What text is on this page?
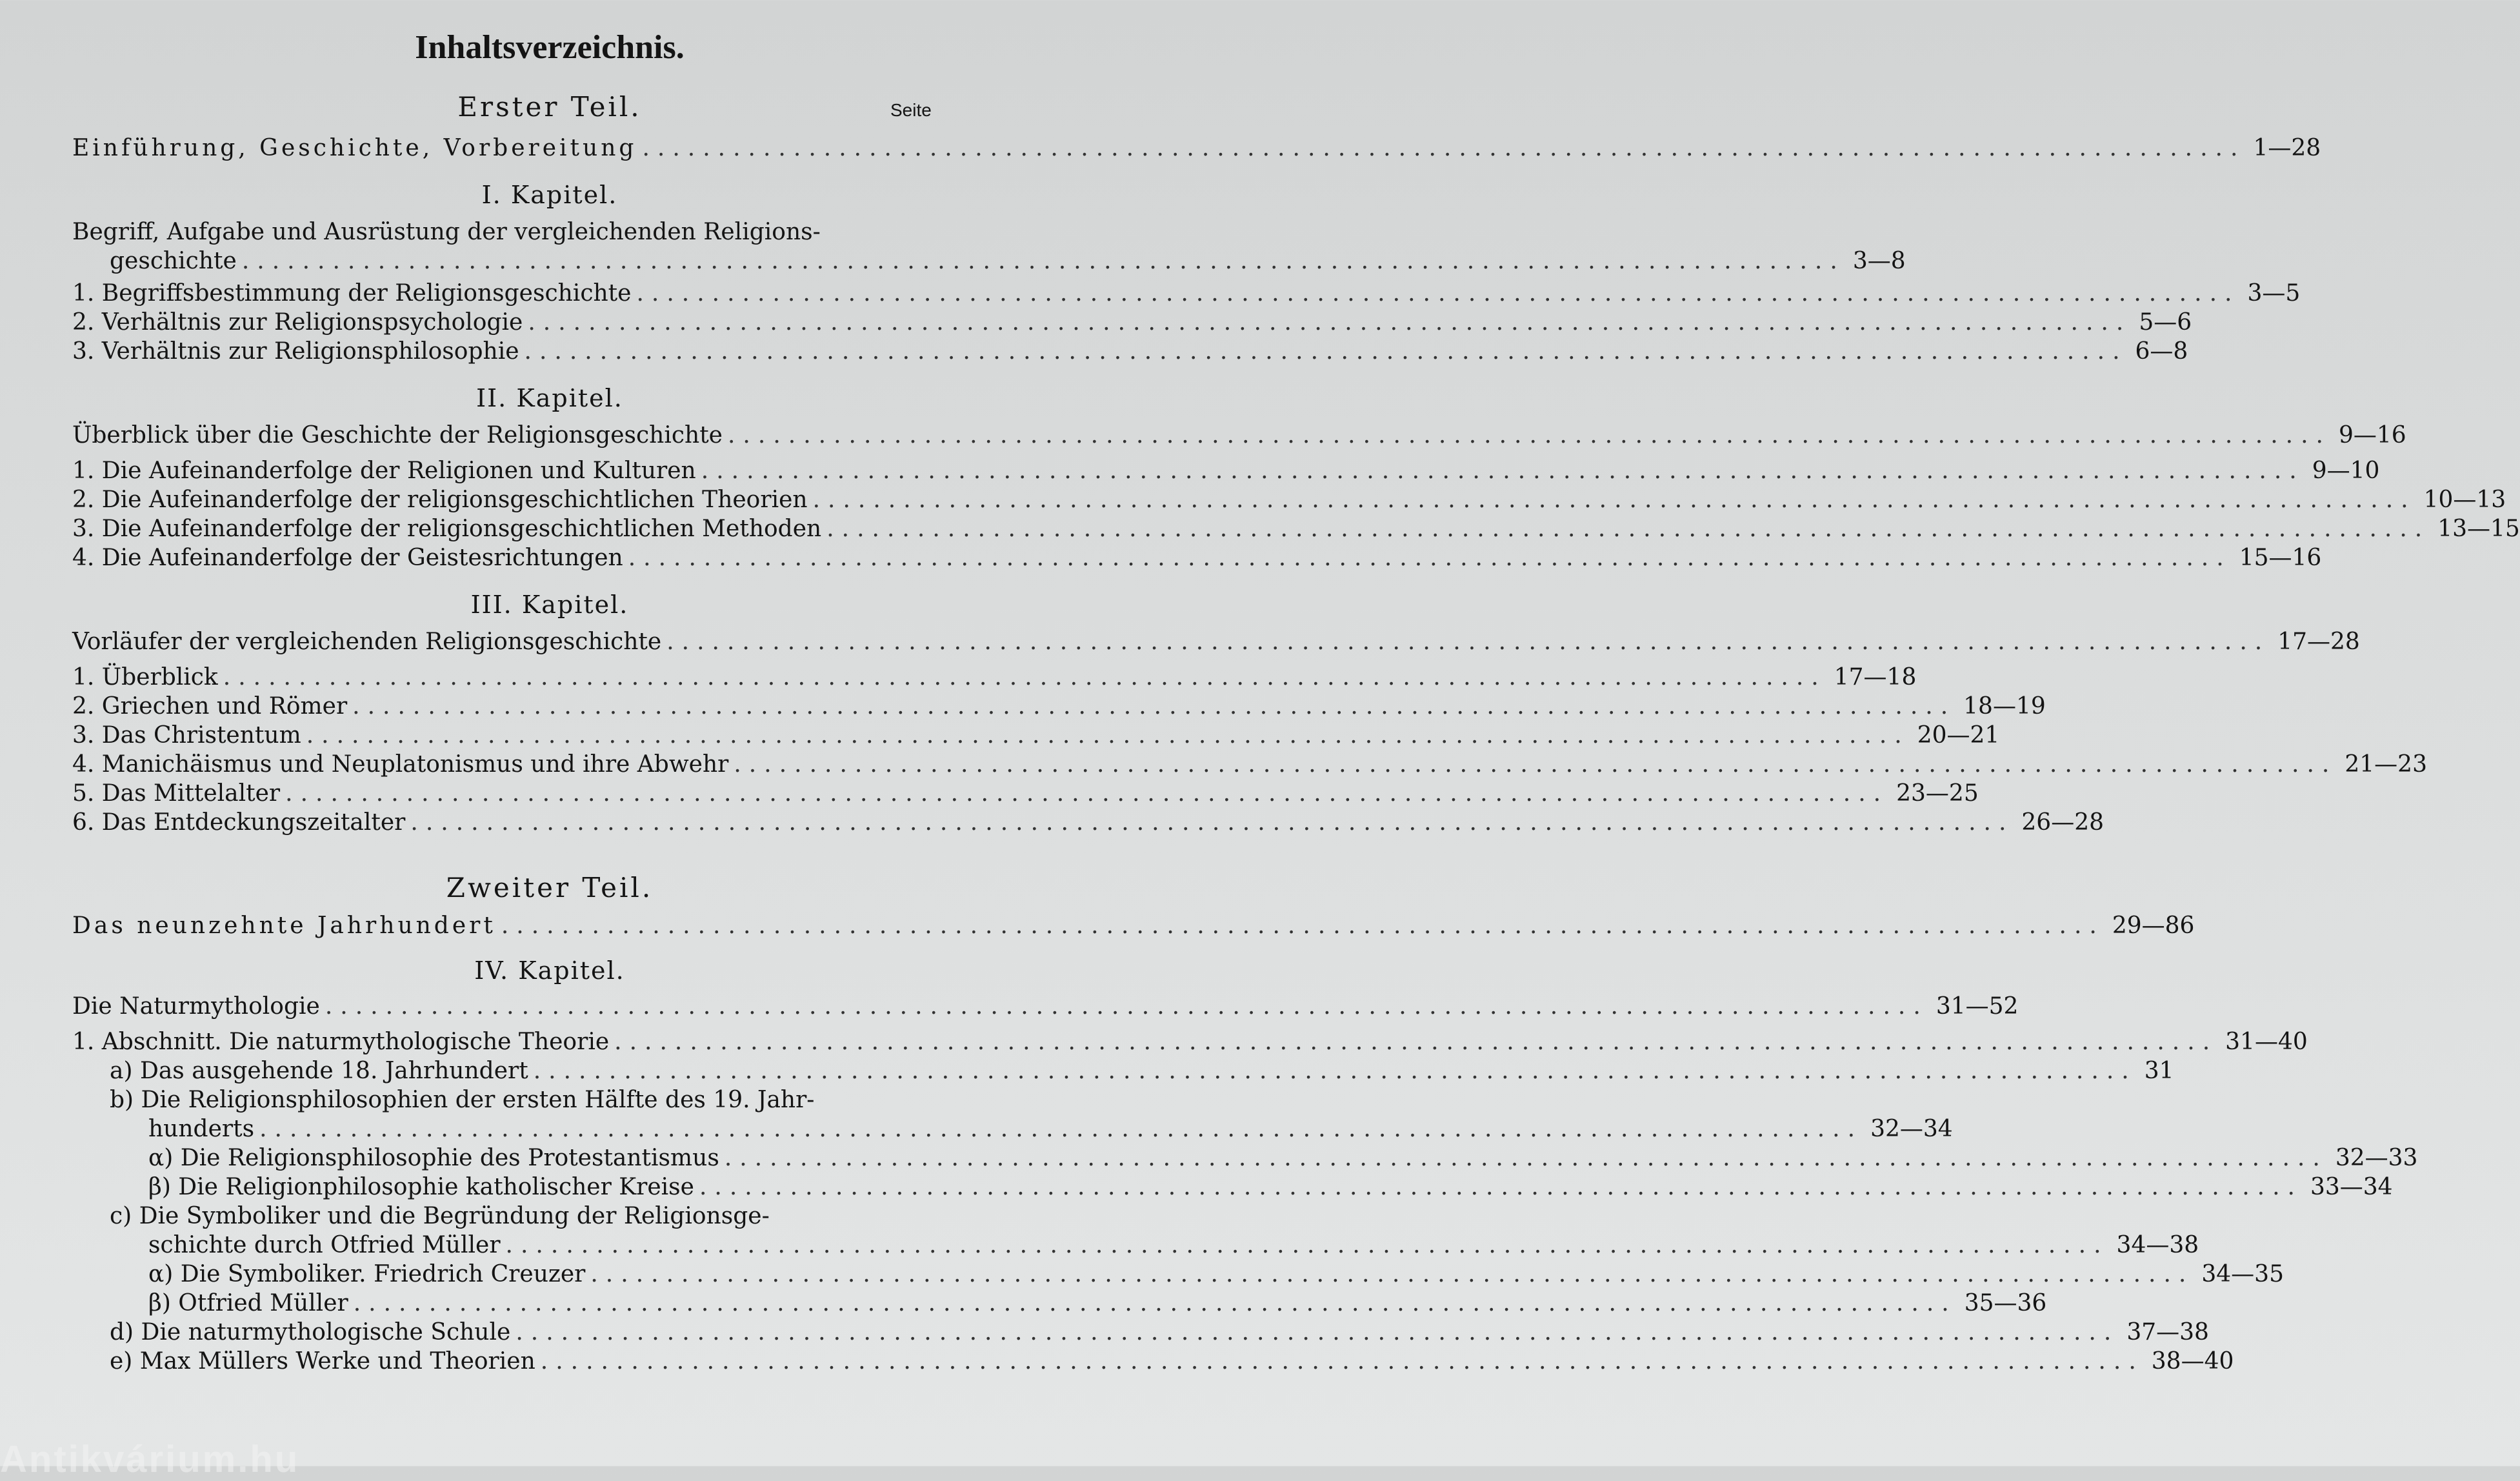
Inhaltsverzeichnis.
Erster Teil.	Seite
Einführung, Geschichte, Vorbereitung .......................................................................................................... 1—28
I. Kapitel.
Begriff, Aufgabe und Ausrüstung der vergleichenden Religions-
geschichte .......................................................................................................... 3—8
1. Begriffsbestimmung der Religionsgeschichte .......................................................................................................... 3—5
2. Verhältnis zur Religionspsychologie .......................................................................................................... 5—6
3. Verhältnis zur Religionsphilosophie .......................................................................................................... 6—8
II. Kapitel.
Überblick über die Geschichte der Religionsgeschichte .......................................................................................................... 9—16
1. Die Aufeinanderfolge der Religionen und Kulturen .......................................................................................................... 9—10
2. Die Aufeinanderfolge der religionsgeschichtlichen Theorien .......................................................................................................... 10—13
3. Die Aufeinanderfolge der religionsgeschichtlichen Methoden .......................................................................................................... 13—15
4. Die Aufeinanderfolge der Geistesrichtungen .......................................................................................................... 15—16
III. Kapitel.
Vorläufer der vergleichenden Religionsgeschichte .......................................................................................................... 17—28
1. Überblick .......................................................................................................... 17—18
2. Griechen und Römer .......................................................................................................... 18—19
3. Das Christentum .......................................................................................................... 20—21
4. Manichäismus und Neuplatonismus und ihre Abwehr .......................................................................................................... 21—23
5. Das Mittelalter .......................................................................................................... 23—25
6. Das Entdeckungszeitalter .......................................................................................................... 26—28
Zweiter Teil.
Das neunzehnte Jahrhundert .......................................................................................................... 29—86
IV. Kapitel.
Die Naturmythologie .......................................................................................................... 31—52
1. Abschnitt. Die naturmythologische Theorie .......................................................................................................... 31—40
a) Das ausgehende 18. Jahrhundert .......................................................................................................... 31
b) Die Religionsphilosophien der ersten Hälfte des 19. Jahr-
hunderts .......................................................................................................... 32—34
α) Die Religionsphilosophie des Protestantismus .......................................................................................................... 32—33
β) Die Religionphilosophie katholischer Kreise .......................................................................................................... 33—34
c) Die Symboliker und die Begründung der Religionsge-
schichte durch Otfried Müller .......................................................................................................... 34—38
α) Die Symboliker. Friedrich Creuzer .......................................................................................................... 34—35
β) Otfried Müller .......................................................................................................... 35—36
d) Die naturmythologische Schule .......................................................................................................... 37—38
e) Max Müllers Werke und Theorien .......................................................................................................... 38—40
Antikvárium.hu
